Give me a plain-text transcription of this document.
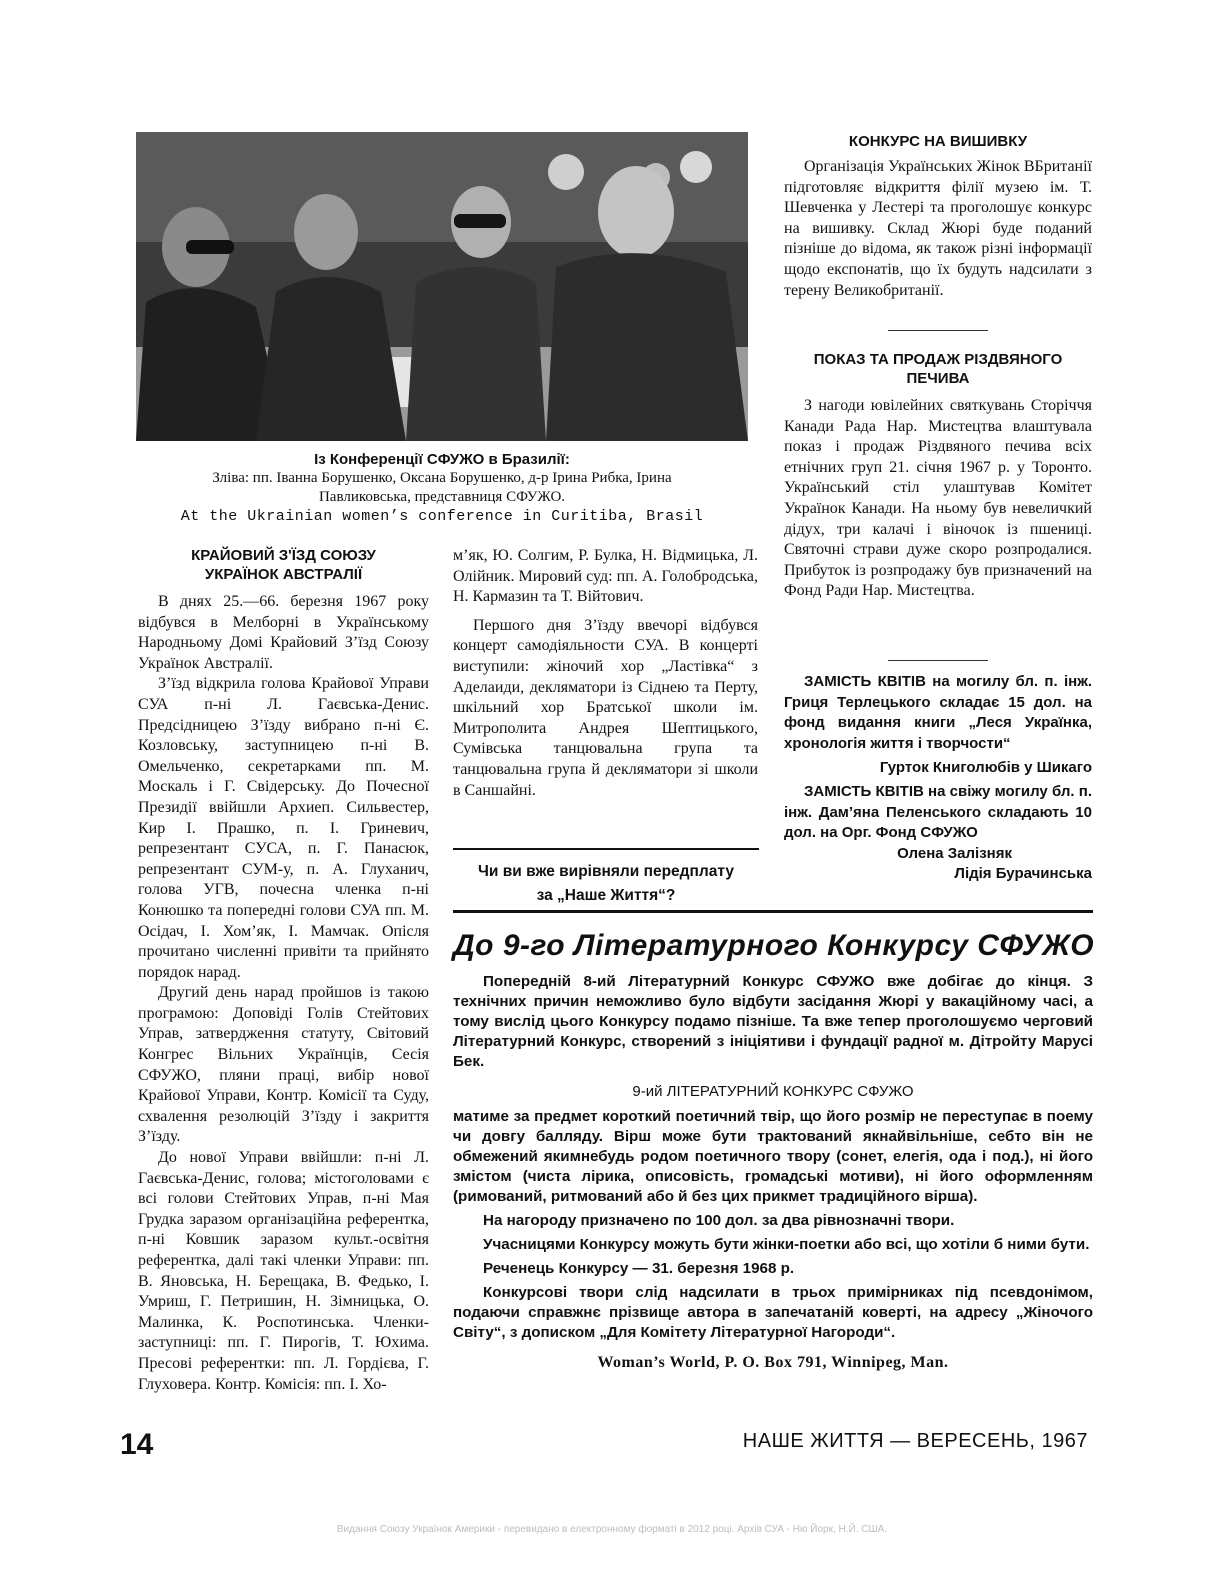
Із Конференції СФУЖО в Бразилії:
Зліва: пп. Іванна Борушенко, Оксана Борушенко, д-р Ірина Рибка, Ірина
Павликовська, представниця СФУЖО.
At the Ukrainian women’s conference in Curitiba, Brasil
КРАЙОВИЙ З'ЇЗД СОЮЗУ
УКРАЇНОК АВСТРАЛІЇ

В днях 25.—66. березня 1967 року відбувся в Мелборні в Українському Народньому Домі Крайовий З’їзд Союзу Українок Австралії.

З’їзд відкрила голова Крайової Управи СУА п-ні Л. Гаєвська-Денис. Предсідницею З’їзду вибрано п-ні Є. Козловську, заступницею п-ні В. Омельченко, секретарками пп. М. Москаль і Г. Свідерську. До Почесної Президії ввійшли Архиеп. Сильвестер, Кир І. Прашко, п. І. Гриневич, репрезентант СУСА, п. Г. Панасюк, репрезентант СУМ-у, п. А. Глуханич, голова УГВ, почесна членка п-ні Конюшко та попередні голови СУА пп. М. Осідач, І. Хом’як, І. Мамчак. Опісля прочитано численні привіти та прийнято порядок нарад.

Другий день нарад пройшов із такою програмою: Доповіді Голів Стейтових Управ, затвердження статуту, Світовий Конгрес Вільних Українців, Сесія СФУЖО, пляни праці, вибір нової Крайової Управи, Контр. Комісії та Суду, схвалення резолюцій З’їзду і закриття З’їзду.

До нової Управи ввійшли: п-ні Л. Гаєвська-Денис, голова; містоголовами є всі голови Стейтових Управ, п-ні Мая Грудка заразом організаційна референтка, п-ні Ковшик заразом культ.-освітня референтка, далі такі членки Управи: пп. В. Яновська, Н. Берещака, В. Федько, І. Умриш, Г. Петришин, Н. Зімницька, О. Малинка, К. Роспотинська. Членки-заступниці: пп. Г. Пирогів, Т. Юхима. Пресові референтки: пп. Л. Гордієва, Г. Глуховера. Контр. Комісія: пп. І. Хо-

м’як, Ю. Солгим, Р. Булка, Н. Відмицька, Л. Олійник. Мировий суд: пп. А. Голобродська, Н. Кармазин та Т. Війтович.

Першого дня З’їзду ввечорі відбувся концерт самодіяльности СУА. В концерті виступили: жіночий хор „Ластівка“ з Аделаиди, декляматори із Сіднею та Перту, шкільний хор Братської школи ім. Митрополита Андрея Шептицького, Сумівська танцювальна група та танцювальна група й декляматори зі школи в Саншайні.

Чи ви вже вирівняли передплату
за „Наше Життя“?
КОНКУРС НА ВИШИВКУ

Організація Українських Жінок ВБританії підготовляє відкриття філії музею ім. Т. Шевченка у Лестері та проголошує конкурс на вишивку. Склад Жюрі буде поданий пізніше до відома, як також різні інформації щодо експонатів, що їх будуть надсилати з терену Великобританії.

ПОКАЗ ТА ПРОДАЖ РІЗДВЯНОГО
ПЕЧИВА

З нагоди ювілейних святкувань Сторіччя Канади Рада Нар. Мистецтва влаштувала показ і продаж Різдвяного печива всіх етнічних груп 21. січня 1967 р. у Торонто. Український стіл улаштував Комітет Українок Канади. На ньому був невеличкий дідух, три калачі і віночок із пшениці. Святочні страви дуже скоро розпродалися. Прибуток із розпродажу був призначений на Фонд Ради Нар. Мистецтва.

ЗАМІСТЬ КВІТІВ на могилу бл. п. інж. Гриця Терлецького складає 15 дол. на фонд видання книги „Леся Українка, хронологія життя і творчости“

Гурток Книголюбів у Шикаго

ЗАМІСТЬ КВІТІВ на свіжу могилу бл. п. інж. Дам’яна Пеленського складають 10 дол. на Орг. Фонд СФУЖО

Олена Залізняк
Лідія Бурачинська
До 9-го Літературного Конкурсу СФУЖО

Попередній 8-ий Літературний Конкурс СФУЖО вже добігає до кінця. З технічних причин неможливо було відбути засідання Жюрі у вакаційному часі, а тому вислід цього Конкурсу подамо пізніше. Та вже тепер проголошуємо черговий Літературний Конкурс, створений з ініціятиви і фундації радної м. Дітройту Марусі Бек.

9-ий ЛІТЕРАТУРНИЙ КОНКУРС СФУЖО

матиме за предмет короткий поетичний твір, що його розмір не переступає в поему чи довгу балляду. Вірш може бути трактований якнайвільніше, себто він не обмежений якимнебудь родом поетичного твору (сонет, елегія, ода і под.), ні його змістом (чиста лірика, описовість, громадські мотиви), ні його оформленням (римований, ритмований або й без цих прикмет традиційного вірша).

На нагороду призначено по 100 дол. за два рівнозначні твори.

Учасницями Конкурсу можуть бути жінки-поетки або всі, що хотіли б ними бути.

Реченець Конкурсу — 31. березня 1968 р.

Конкурсові твори слід надсилати в трьох примірниках під псевдонімом, подаючи справжнє прізвище автора в запечатаній коверті, на адресу „Жіночого Світу“, з дописком „Для Комітету Літературної Нагороди“.

Woman’s World, P. O. Box 791, Winnipeg, Man.
14	НАШЕ ЖИТТЯ — ВЕРЕСЕНЬ, 1967
Видання Союзу Українок Америки - перевидано в електронному форматі в 2012 році. Архів СУА - Ню Йорк, Н.Й. США.
